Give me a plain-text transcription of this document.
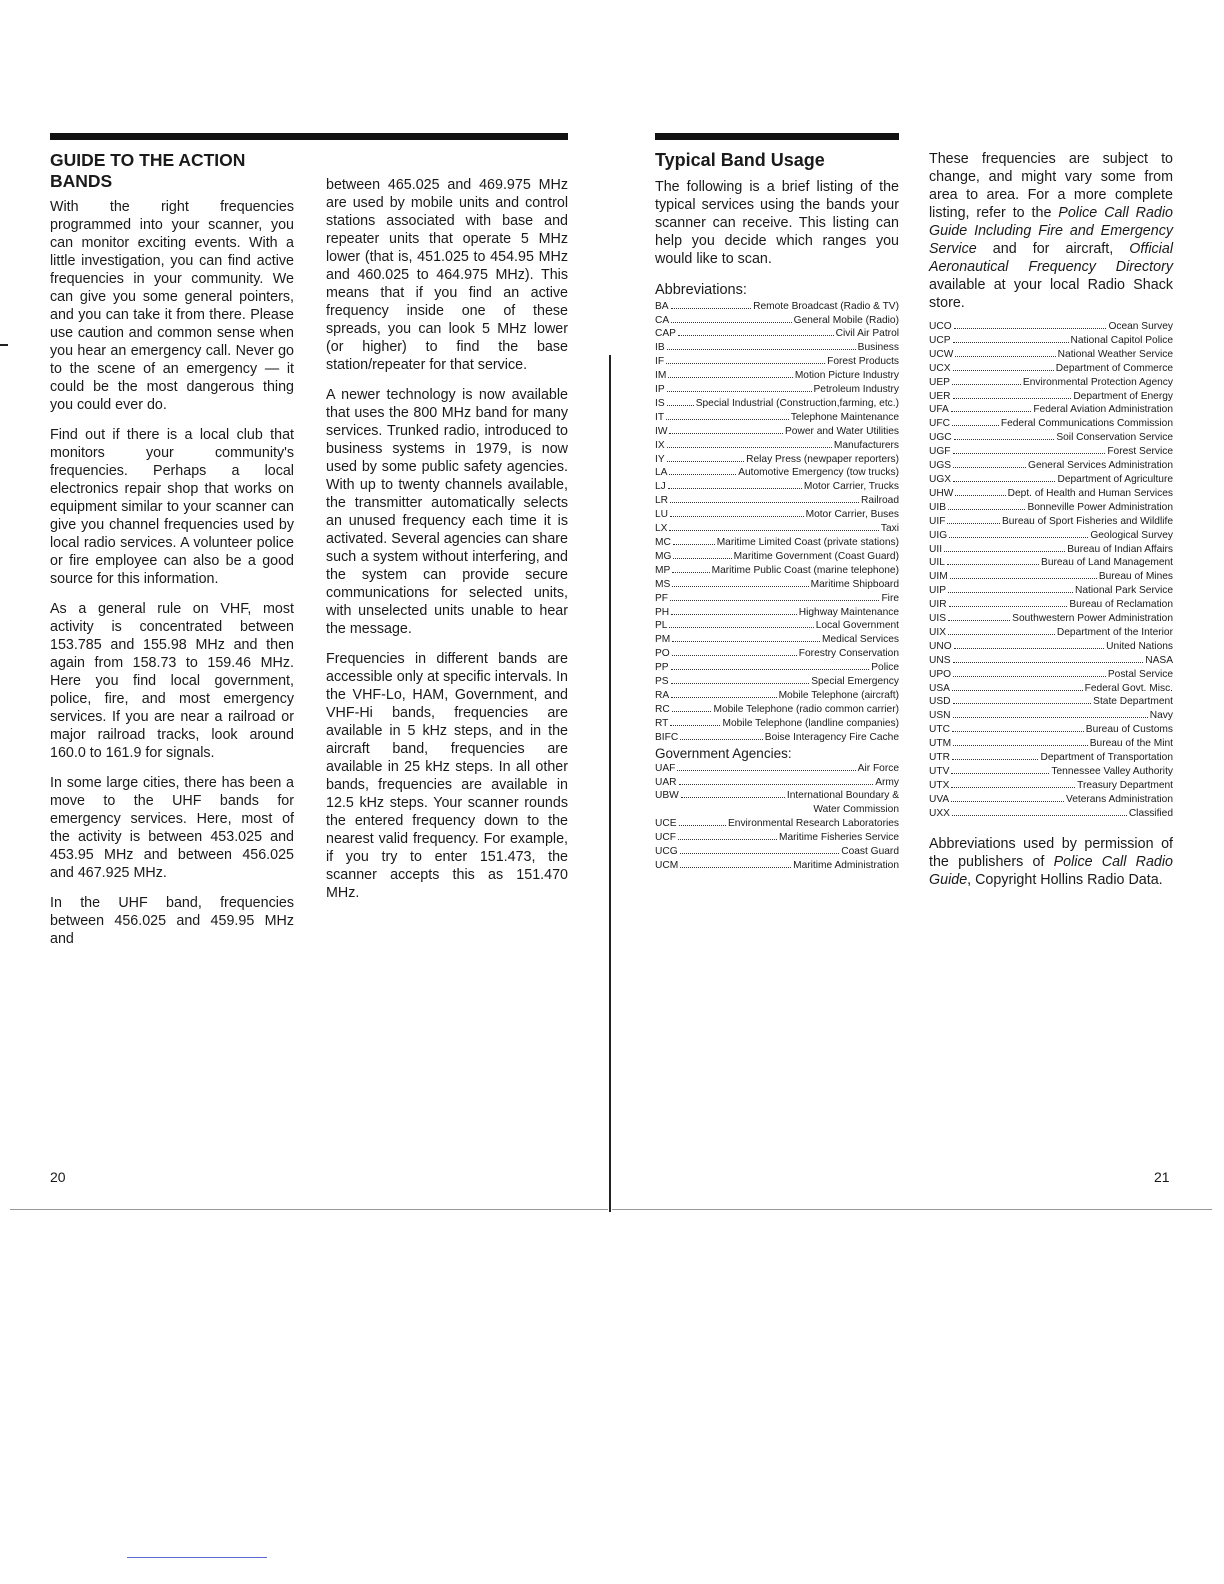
GUIDE TO THE ACTION BANDS

With the right frequencies programmed into your scanner, you can monitor exciting events. With a little investigation, you can find active frequencies in your community. We can give you some general pointers, and you can take it from there. Please use caution and common sense when you hear an emergency call. Never go to the scene of an emergency — it could be the most dangerous thing you could ever do.

Find out if there is a local club that monitors your community's frequencies. Perhaps a local electronics repair shop that works on equipment similar to your scanner can give you channel frequencies used by local radio services. A volunteer police or fire employee can also be a good source for this information.

As a general rule on VHF, most activity is concentrated between 153.785 and 155.98 MHz and then again from 158.73 to 159.46 MHz. Here you find local government, police, fire, and most emergency services. If you are near a railroad or major railroad tracks, look around 160.0 to 161.9 for signals.

In some large cities, there has been a move to the UHF bands for emergency services. Here, most of the activity is between 453.025 and 453.95 MHz and between 456.025 and 467.925 MHz.

In the UHF band, frequencies between 456.025 and 459.95 MHz and

between 465.025 and 469.975 MHz are used by mobile units and control stations associated with base and repeater units that operate 5 MHz lower (that is, 451.025 to 454.95 MHz and 460.025 to 464.975 MHz). This means that if you find an active frequency inside one of these spreads, you can look 5 MHz lower (or higher) to find the base station/repeater for that service.

A newer technology is now available that uses the 800 MHz band for many services. Trunked radio, introduced to business systems in 1979, is now used by some public safety agencies. With up to twenty channels available, the transmitter automatically selects an unused frequency each time it is activated. Several agencies can share such a system without interfering, and the system can provide secure communications for selected units, with unselected units unable to hear the message.

Frequencies in different bands are accessible only at specific intervals. In the VHF-Lo, HAM, Government, and VHF-Hi bands, frequencies are available in 5 kHz steps, and in the aircraft band, frequencies are available in 25 kHz steps. In all other bands, frequencies are available in 12.5 kHz steps. Your scanner rounds the entered frequency down to the nearest valid frequency. For example, if you try to enter 151.473, the scanner accepts this as 151.470 MHz.

20
Typical Band Usage

The following is a brief listing of the typical services using the bands your scanner can receive. This listing can help you decide which ranges you would like to scan.

Abbreviations:
BA	Remote Broadcast (Radio & TV)
CA	General Mobile (Radio)
CAP	Civil Air Patrol
IB	Business
IF	Forest Products
IM	Motion Picture Industry
IP	Petroleum Industry
IS	Special Industrial (Construction,farming, etc.)
IT	Telephone Maintenance
IW	Power and Water Utilities
IX	Manufacturers
IY	Relay Press (newpaper reporters)
LA	Automotive Emergency (tow trucks)
LJ	Motor Carrier, Trucks
LR	Railroad
LU	Motor Carrier, Buses
LX	Taxi
MC	Maritime Limited Coast (private stations)
MG	Maritime Government (Coast Guard)
MP	Maritime Public Coast (marine telephone)
MS	Maritime Shipboard
PF	Fire
PH	Highway Maintenance
PL	Local Government
PM	Medical Services
PO	Forestry Conservation
PP	Police
PS	Special Emergency
RA	Mobile Telephone (aircraft)
RC	Mobile Telephone (radio common carrier)
RT	Mobile Telephone (landline companies)
BIFC	Boise Interagency Fire Cache
Government Agencies:
UAF	Air Force
UAR	Army
UBW	International Boundary &
Water Commission
UCE	Environmental Research Laboratories
UCF	Maritime Fisheries Service
UCG	Coast Guard
UCM	Maritime Administration

These frequencies are subject to change, and might vary some from area to area. For a more complete listing, refer to the Police Call Radio Guide Including Fire and Emergency Service and for aircraft, Official Aeronautical Frequency Directory available at your local Radio Shack store.

UCO	Ocean Survey
UCP	National Capitol Police
UCW	National Weather Service
UCX	Department of Commerce
UEP	Environmental Protection Agency
UER	Department of Energy
UFA	Federal Aviation Administration
UFC	Federal Communications Commission
UGC	Soil Conservation Service
UGF	Forest Service
UGS	General Services Administration
UGX	Department of Agriculture
UHW	Dept. of Health and Human Services
UIB	Bonneville Power Administration
UIF	Bureau of Sport Fisheries and Wildlife
UIG	Geological Survey
UII	Bureau of Indian Affairs
UIL	Bureau of Land Management
UIM	Bureau of Mines
UIP	National Park Service
UIR	Bureau of Reclamation
UIS	Southwestern Power Administration
UIX	Department of the Interior
UNO	United Nations
UNS	NASA
UPO	Postal Service
USA	Federal Govt. Misc.
USD	State Department
USN	Navy
UTC	Bureau of Customs
UTM	Bureau of the Mint
UTR	Department of Transportation
UTV	Tennessee Valley Authority
UTX	Treasury Department
UVA	Veterans Administration
UXX	Classified

Abbreviations used by permission of the publishers of Police Call Radio Guide, Copyright Hollins Radio Data.

21
